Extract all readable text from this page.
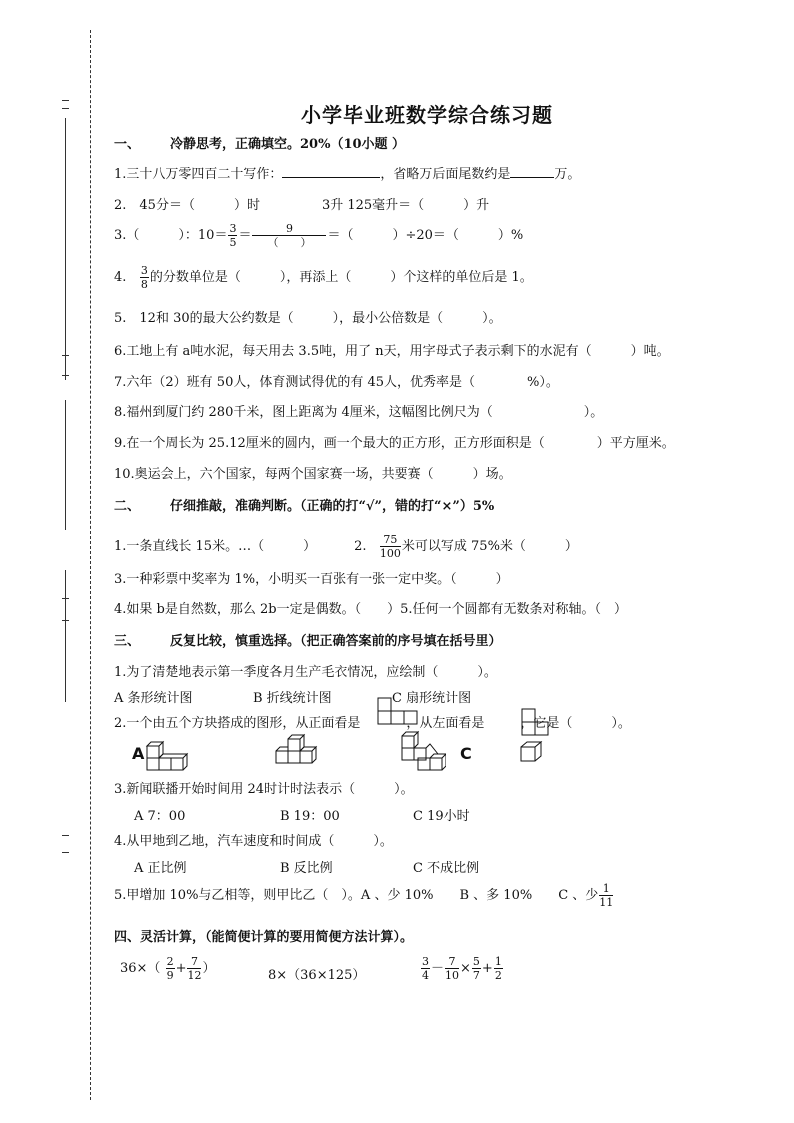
小学毕业班数学综合练习题
一、 冷静思考，正确填空。20%（10小题 ）
1.三十八万零四百二十写作：	，省略万后面尾数约是	万。
2.　45分＝（　　　）时	3升 125毫升＝（　　　）升
3.（　　　）：$10= \frac{3}{5} = \frac{9}{( )}$ ＝（　　　）÷20＝（　　　）%
4. $\frac{3}{8}$ 的分数单位是（　　　），再添上（　　　）个这样的单位后是 1。
5.　12和 30的最大公约数是（　　　），最小公倍数是（　　　）。
6.工地上有 a吨水泥，每天用去 3.5吨，用了 n天，用字母式子表示剩下的水泥有（　　　）吨。
7.六年（2）班有 50人，体育测试得优的有 45人，优秀率是（　　　　%）。
8.福州到厦门约 280千米，图上距离为 4厘米，这幅图比例尺为（　　　　　　　）。
9.在一个周长为 25.12厘米的圆内，画一个最大的正方形，正方形面积是（　　　　）平方厘米。
10.奥运会上，六个国家，每两个国家赛一场，共要赛（　　　）场。
二、 仔细推敲，准确判断。（正确的打“√”，错的打“×”）5%
1.一条直线长 15米。…（　　　）	2. $\frac{75}{100}$ 米可以写成 75%米（　　　）
3.一种彩票中奖率为 1%，小明买一百张有一张一定中奖。（　　　）
4.如果 b是自然数，那么 2b一定是偶数。（　　）5.任何一个圆都有无数条对称轴。（　）
三、 反复比较，慎重选择。（把正确答案前的序号填在括号里）
1.为了清楚地表示第一季度各月生产毛衣情况，应绘制（　　　）。
A 条形统计图	B 折线统计图	C 扇形统计图
2.一个由五个方块搭成的图形，从正面看是	，从左面看是	，它是（　　　）。
A	C
3.新闻联播开始时间用 24时计时法表示（　　　）。
A 7：00	B 19：00	C 19小时
4.从甲地到乙地，汽车速度和时间成（　　　）。
A 正比例	B 反比例	C 不成比例
5.甲增加 10%与乙相等，则甲比乙（　）。A 、少 10%　　B 、多 10%　　C 、少 $\frac{1}{11}$
四、灵活计算，（能简便计算的要用简便方法计算）。
$36\times( \frac{2}{9} + \frac{7}{12}$ ）	8×（36×125）	$\frac{3}{4} - \frac{7}{10} \times \frac{5}{7} + \frac{1}{2}$
